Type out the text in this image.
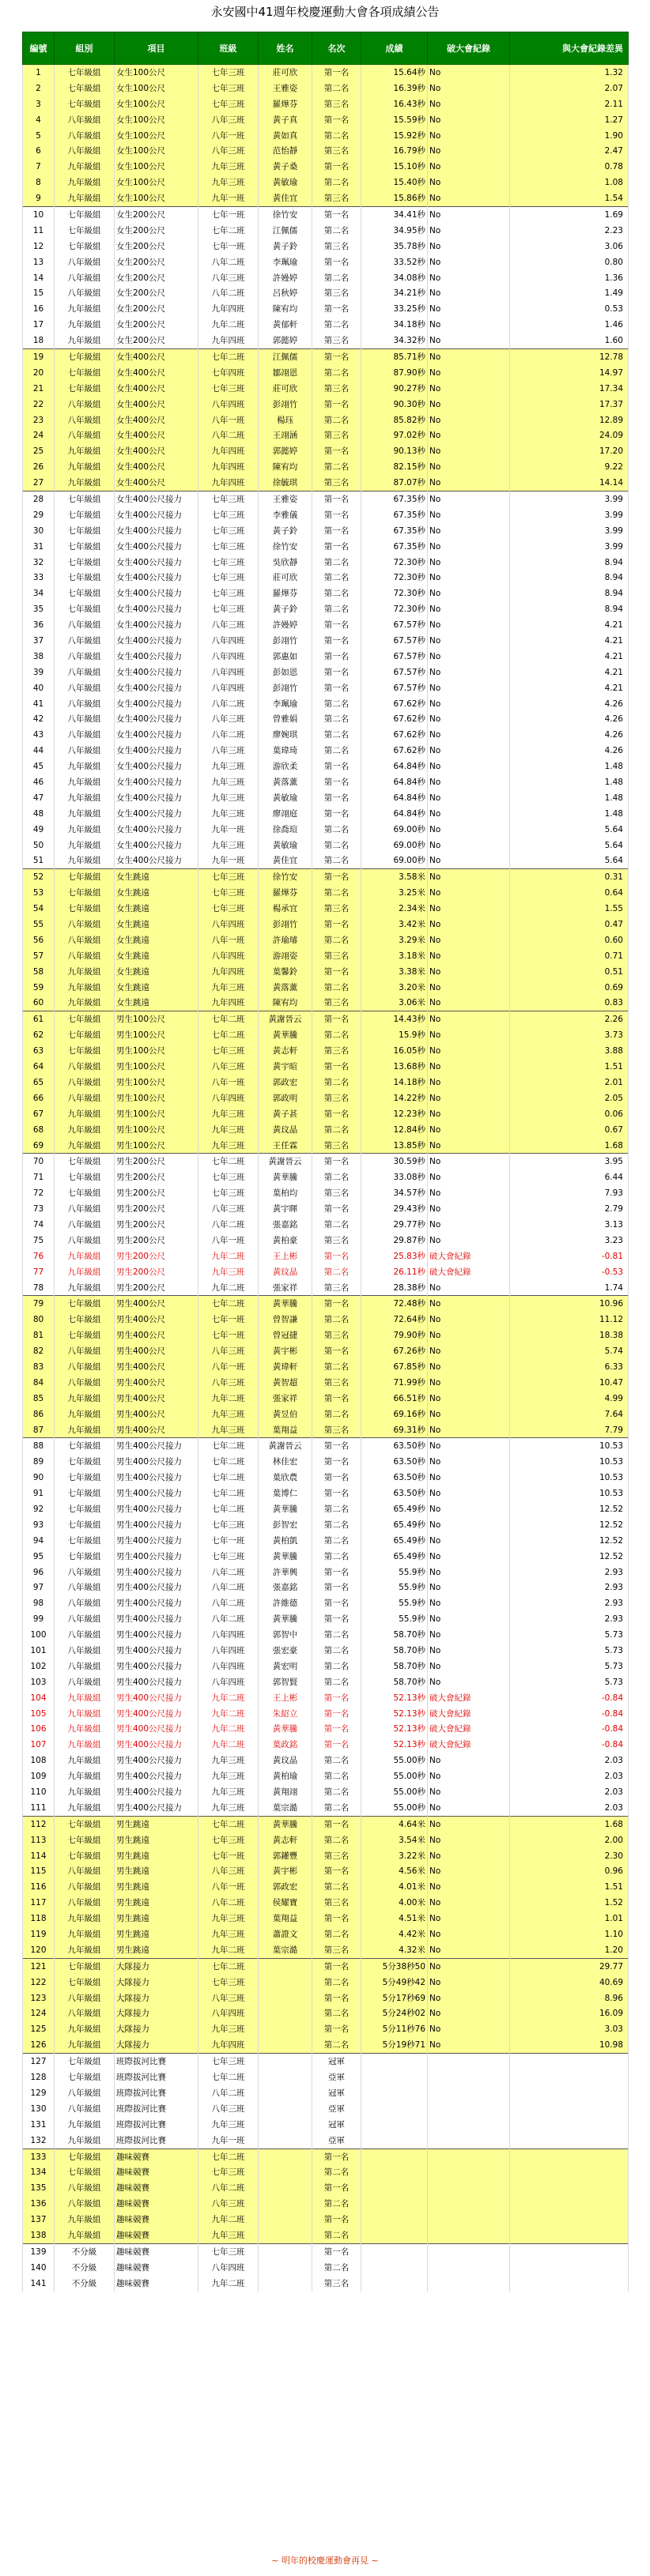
永安國中41週年校慶運動大會各項成績公告
編號	組別	項目	班級	姓名	名次	成績	破大會紀錄	與大會紀錄差異
1	七年級組	女生100公尺	七年三班	莊可欣	第一名	15.64秒	No	1.32
2	七年級組	女生100公尺	七年三班	王雅姿	第二名	16.39秒	No	2.07
3	七年級組	女生100公尺	七年三班	羅燁芬	第三名	16.43秒	No	2.11
4	八年級組	女生100公尺	八年三班	黃子真	第一名	15.59秒	No	1.27
5	八年級組	女生100公尺	八年一班	黃如真	第二名	15.92秒	No	1.90
6	八年級組	女生100公尺	八年三班	范怡靜	第三名	16.79秒	No	2.47
7	九年級組	女生100公尺	九年三班	黃子桑	第一名	15.10秒	No	0.78
8	九年級組	女生100公尺	九年三班	黃敏瑜	第二名	15.40秒	No	1.08
9	九年級組	女生100公尺	九年一班	黃佳宜	第三名	15.86秒	No	1.54
10	七年級組	女生200公尺	七年一班	徐竹安	第一名	34.41秒	No	1.69
11	七年級組	女生200公尺	七年二班	江佩儒	第二名	34.95秒	No	2.23
12	七年級組	女生200公尺	七年一班	黃子鈴	第三名	35.78秒	No	3.06
13	八年級組	女生200公尺	八年二班	李珮瑜	第一名	33.52秒	No	0.80
14	八年級組	女生200公尺	八年三班	許嫚婷	第二名	34.08秒	No	1.36
15	八年級組	女生200公尺	八年二班	呂秋婷	第三名	34.21秒	No	1.49
16	九年級組	女生200公尺	九年四班	陳宥均	第一名	33.25秒	No	0.53
17	九年級組	女生200公尺	九年二班	黃郁軒	第二名	34.18秒	No	1.46
18	九年級組	女生200公尺	九年四班	郭懿婷	第三名	34.32秒	No	1.60
19	七年級組	女生400公尺	七年二班	江佩儒	第一名	85.71秒	No	12.78
20	七年級組	女生400公尺	七年四班	鄒翊恩	第二名	87.90秒	No	14.97
21	七年級組	女生400公尺	七年三班	莊可欣	第三名	90.27秒	No	17.34
22	八年級組	女生400公尺	八年四班	彭翊竹	第一名	90.30秒	No	17.37
23	八年級組	女生400公尺	八年一班	楊珏	第二名	85.82秒	No	12.89
24	八年級組	女生400公尺	八年二班	王翊涵	第三名	97.02秒	No	24.09
25	九年級組	女生400公尺	九年四班	郭懿婷	第一名	90.13秒	No	17.20
26	九年級組	女生400公尺	九年四班	陳宥均	第二名	82.15秒	No	9.22
27	九年級組	女生400公尺	九年四班	徐毓琪	第三名	87.07秒	No	14.14
28	七年級組	女生400公尺接力	七年三班	王雅姿	第一名	67.35秒	No	3.99
29	七年級組	女生400公尺接力	七年三班	李雅儀	第一名	67.35秒	No	3.99
30	七年級組	女生400公尺接力	七年三班	黃子鈴	第一名	67.35秒	No	3.99
31	七年級組	女生400公尺接力	七年三班	徐竹安	第一名	67.35秒	No	3.99
32	七年級組	女生400公尺接力	七年三班	吳欣靜	第二名	72.30秒	No	8.94
33	七年級組	女生400公尺接力	七年三班	莊可欣	第二名	72.30秒	No	8.94
34	七年級組	女生400公尺接力	七年三班	羅燁芬	第二名	72.30秒	No	8.94
35	七年級組	女生400公尺接力	七年三班	黃子鈴	第二名	72.30秒	No	8.94
36	八年級組	女生400公尺接力	八年三班	許嫚婷	第一名	67.57秒	No	4.21
37	八年級組	女生400公尺接力	八年四班	彭翊竹	第一名	67.57秒	No	4.21
38	八年級組	女生400公尺接力	八年四班	郭惠如	第一名	67.57秒	No	4.21
39	八年級組	女生400公尺接力	八年四班	彭如恩	第一名	67.57秒	No	4.21
40	八年級組	女生400公尺接力	八年四班	彭翊竹	第一名	67.57秒	No	4.21
41	八年級組	女生400公尺接力	八年二班	李珮瑜	第二名	67.62秒	No	4.26
42	八年級組	女生400公尺接力	八年三班	曾雅娟	第二名	67.62秒	No	4.26
43	八年級組	女生400公尺接力	八年二班	廖婉琪	第二名	67.62秒	No	4.26
44	八年級組	女生400公尺接力	八年三班	葉瑋琦	第二名	67.62秒	No	4.26
45	九年級組	女生400公尺接力	九年三班	游欣柔	第一名	64.84秒	No	1.48
46	九年級組	女生400公尺接力	九年三班	黃落薰	第一名	64.84秒	No	1.48
47	九年級組	女生400公尺接力	九年三班	黃敏瑜	第一名	64.84秒	No	1.48
48	九年級組	女生400公尺接力	九年三班	廖翊庭	第一名	64.84秒	No	1.48
49	九年級組	女生400公尺接力	九年一班	徐喬瑄	第二名	69.00秒	No	5.64
50	九年級組	女生400公尺接力	九年三班	黃敏瑜	第二名	69.00秒	No	5.64
51	九年級組	女生400公尺接力	九年一班	黃佳宜	第二名	69.00秒	No	5.64
52	七年級組	女生跳遠	七年三班	徐竹安	第一名	3.58米	No	0.31
53	七年級組	女生跳遠	七年三班	羅燁芬	第二名	3.25米	No	0.64
54	七年級組	女生跳遠	七年三班	楊承宜	第三名	2.34米	No	1.55
55	八年級組	女生跳遠	八年四班	彭翊竹	第一名	3.42米	No	0.47
56	八年級組	女生跳遠	八年一班	許瑜璿	第二名	3.29米	No	0.60
57	八年級組	女生跳遠	八年四班	游翊姿	第三名	3.18米	No	0.71
58	九年級組	女生跳遠	九年四班	葉馨鈴	第一名	3.38米	No	0.51
59	九年級組	女生跳遠	九年三班	黃落薰	第二名	3.20米	No	0.69
60	九年級組	女生跳遠	九年四班	陳宥均	第三名	3.06米	No	0.83
61	七年級組	男生100公尺	七年二班	黃謝晉云	第一名	14.43秒	No	2.26
62	七年級組	男生100公尺	七年二班	黃華騰	第二名	15.9秒	No	3.73
63	七年級組	男生100公尺	七年三班	黃志軒	第三名	16.05秒	No	3.88
64	八年級組	男生100公尺	八年三班	黃宇暄	第一名	13.68秒	No	1.51
65	八年級組	男生100公尺	八年一班	郭政宏	第二名	14.18秒	No	2.01
66	八年級組	男生100公尺	八年四班	郭政明	第三名	14.22秒	No	2.05
67	九年級組	男生100公尺	九年三班	黃子甚	第一名	12.23秒	No	0.06
68	九年級組	男生100公尺	九年三班	黃玟晶	第二名	12.84秒	No	0.67
69	九年級組	男生100公尺	九年三班	王任霖	第三名	13.85秒	No	1.68
70	七年級組	男生200公尺	七年二班	黃謝晉云	第一名	30.59秒	No	3.95
71	七年級組	男生200公尺	七年三班	黃華騰	第二名	33.08秒	No	6.44
72	七年級組	男生200公尺	七年三班	葉柏均	第三名	34.57秒	No	7.93
73	八年級組	男生200公尺	八年三班	黃宇暉	第一名	29.43秒	No	2.79
74	八年級組	男生200公尺	八年二班	張嘉銘	第二名	29.77秒	No	3.13
75	八年級組	男生200公尺	八年一班	黃柏豪	第三名	29.87秒	No	3.23
76	九年級組	男生200公尺	九年二班	王上彬	第一名	25.83秒	破大會紀錄	-0.81
77	九年級組	男生200公尺	九年三班	黃玟晶	第二名	26.11秒	破大會紀錄	-0.53
78	九年級組	男生200公尺	九年二班	張家祥	第三名	28.38秒	No	1.74
79	七年級組	男生400公尺	七年二班	黃華騰	第一名	72.48秒	No	10.96
80	七年級組	男生400公尺	七年一班	曾智謙	第二名	72.64秒	No	11.12
81	七年級組	男生400公尺	七年一班	曾冠捷	第三名	79.90秒	No	18.38
82	八年級組	男生400公尺	八年三班	黃宇彬	第一名	67.26秒	No	5.74
83	八年級組	男生400公尺	八年一班	黃瑋軒	第二名	67.85秒	No	6.33
84	八年級組	男生400公尺	八年三班	黃智超	第三名	71.99秒	No	10.47
85	九年級組	男生400公尺	九年二班	張家祥	第一名	66.51秒	No	4.99
86	九年級組	男生400公尺	九年三班	黃昱伯	第二名	69.16秒	No	7.64
87	九年級組	男生400公尺	九年三班	葉翔益	第三名	69.31秒	No	7.79
88	七年級組	男生400公尺接力	七年二班	黃謝晉云	第一名	63.50秒	No	10.53
89	七年級組	男生400公尺接力	七年二班	林佳宏	第一名	63.50秒	No	10.53
90	七年級組	男生400公尺接力	七年二班	葉欣農	第一名	63.50秒	No	10.53
91	七年級組	男生400公尺接力	七年二班	葉博仁	第一名	63.50秒	No	10.53
92	七年級組	男生400公尺接力	七年二班	黃華騰	第二名	65.49秒	No	12.52
93	七年級組	男生400公尺接力	七年三班	彭智宏	第二名	65.49秒	No	12.52
94	七年級組	男生400公尺接力	七年一班	黃柏凱	第二名	65.49秒	No	12.52
95	七年級組	男生400公尺接力	七年三班	黃華騰	第二名	65.49秒	No	12.52
96	八年級組	男生400公尺接力	八年二班	許華興	第一名	55.9秒	No	2.93
97	八年級組	男生400公尺接力	八年二班	張嘉銘	第一名	55.9秒	No	2.93
98	八年級組	男生400公尺接力	八年二班	許維德	第一名	55.9秒	No	2.93
99	八年級組	男生400公尺接力	八年二班	黃華騰	第一名	55.9秒	No	2.93
100	八年級組	男生400公尺接力	八年四班	郭智中	第二名	58.70秒	No	5.73
101	八年級組	男生400公尺接力	八年四班	張宏豪	第二名	58.70秒	No	5.73
102	八年級組	男生400公尺接力	八年四班	黃宏明	第二名	58.70秒	No	5.73
103	八年級組	男生400公尺接力	八年四班	郭智賢	第二名	58.70秒	No	5.73
104	九年級組	男生400公尺接力	九年二班	王上彬	第一名	52.13秒	破大會紀錄	-0.84
105	九年級組	男生400公尺接力	九年二班	朱紹立	第一名	52.13秒	破大會紀錄	-0.84
106	九年級組	男生400公尺接力	九年二班	黃華騰	第一名	52.13秒	破大會紀錄	-0.84
107	九年級組	男生400公尺接力	九年二班	葉政銘	第一名	52.13秒	破大會紀錄	-0.84
108	九年級組	男生400公尺接力	九年三班	黃玟晶	第二名	55.00秒	No	2.03
109	九年級組	男生400公尺接力	九年三班	黃柏瑜	第二名	55.00秒	No	2.03
110	九年級組	男生400公尺接力	九年三班	黃翔翊	第二名	55.00秒	No	2.03
111	九年級組	男生400公尺接力	九年三班	葉宗澔	第二名	55.00秒	No	2.03
112	七年級組	男生跳遠	七年二班	黃華騰	第一名	4.64米	No	1.68
113	七年級組	男生跳遠	七年三班	黃志軒	第二名	3.54米	No	2.00
114	七年級組	男生跳遠	七年一班	郭鑵豐	第三名	3.22米	No	2.30
115	八年級組	男生跳遠	八年三班	黃宇彬	第一名	4.56米	No	0.96
116	八年級組	男生跳遠	八年一班	郭政宏	第二名	4.01米	No	1.51
117	八年級組	男生跳遠	八年二班	侯耀寶	第三名	4.00米	No	1.52
118	九年級組	男生跳遠	九年三班	葉翔益	第一名	4.51米	No	1.01
119	九年級組	男生跳遠	九年三班	蕭證文	第二名	4.42米	No	1.10
120	九年級組	男生跳遠	九年二班	葉宗澔	第三名	4.32米	No	1.20
121	七年級組	大隊接力	七年二班		第一名	5分38秒50	No	29.77
122	七年級組	大隊接力	七年三班		第二名	5分49秒42	No	40.69
123	八年級組	大隊接力	八年三班		第一名	5分17秒69	No	8.96
124	八年級組	大隊接力	八年四班		第二名	5分24秒02	No	16.09
125	九年級組	大隊接力	九年三班		第一名	5分11秒76	No	3.03
126	九年級組	大隊接力	九年四班		第二名	5分19秒71	No	10.98
127	七年級組	班際拔河比賽	七年三班		冠軍			
128	七年級組	班際拔河比賽	七年二班		亞軍			
129	八年級組	班際拔河比賽	八年二班		冠軍			
130	八年級組	班際拔河比賽	八年三班		亞軍			
131	九年級組	班際拔河比賽	九年三班		冠軍			
132	九年級組	班際拔河比賽	九年一班		亞軍			
133	七年級組	趣味競賽	七年二班		第一名			
134	七年級組	趣味競賽	七年三班		第二名			
135	八年級組	趣味競賽	八年二班		第一名			
136	八年級組	趣味競賽	八年三班		第二名			
137	九年級組	趣味競賽	九年二班		第一名			
138	九年級組	趣味競賽	九年三班		第二名			
139	不分級	趣味競賽	七年三班		第一名			
140	不分級	趣味競賽	八年四班		第二名			
141	不分級	趣味競賽	九年二班		第三名			
~ 明年的校慶運動會再見 ~
